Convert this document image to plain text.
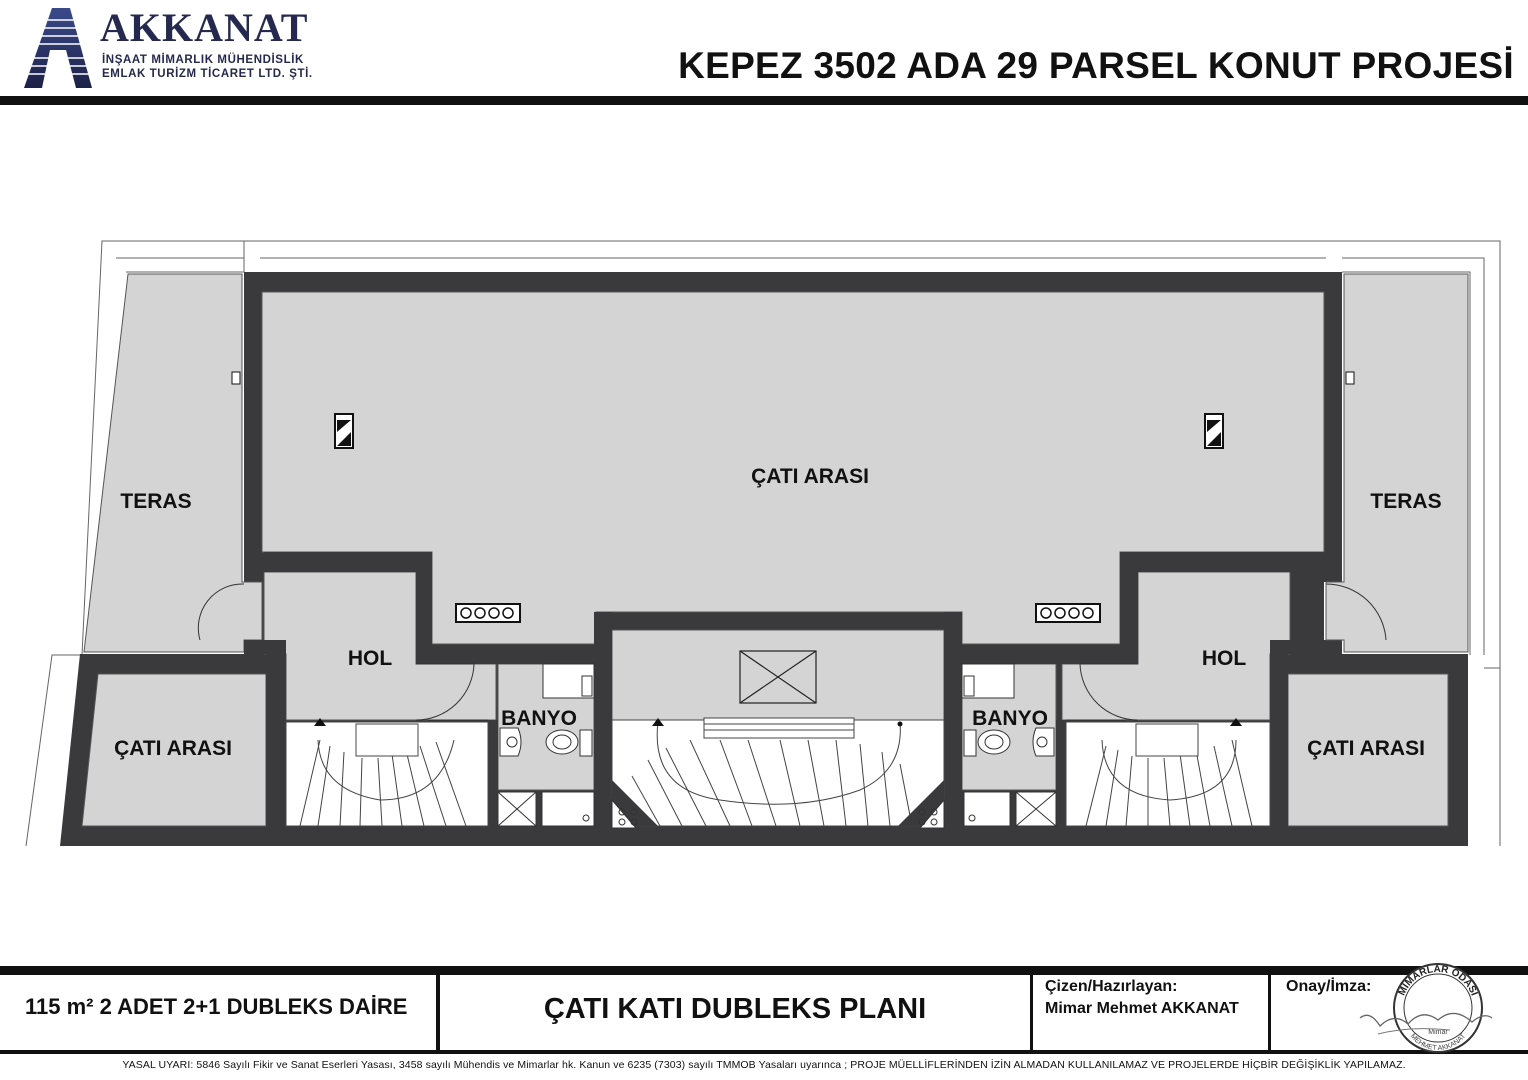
AKKANAT
İNŞAAT MİMARLIK MÜHENDİSLİK
EMLAK TURİZM TİCARET LTD. ŞTİ.	KEPEZ 3502 ADA 29 PARSEL KONUT PROJESİ
ÇATI ARASI
TERAS	TERAS
HOL	HOL
BANYO	BANYO
ÇATI ARASI	ÇATI ARASI
115 m² 2 ADET 2+1 DUBLEKS DAİRE	ÇATI KATI DUBLEKS PLANI
Çizen/Hazırlayan:
Mimar Mehmet AKKANAT
Onay/İmza:	MİMARLAR ODASI
MEHMET AKKANAT
Mimar
YASAL UYARI: 5846 Sayılı Fikir ve Sanat Eserleri Yasası, 3458 sayılı Mühendis ve Mimarlar hk. Kanun ve 6235 (7303) sayılı TMMOB Yasaları uyarınca ; PROJE MÜELLİFLERİNDEN İZİN ALMADAN KULLANILAMAZ VE PROJELERDE HİÇBİR DEĞİŞİKLİK YAPILAMAZ.
